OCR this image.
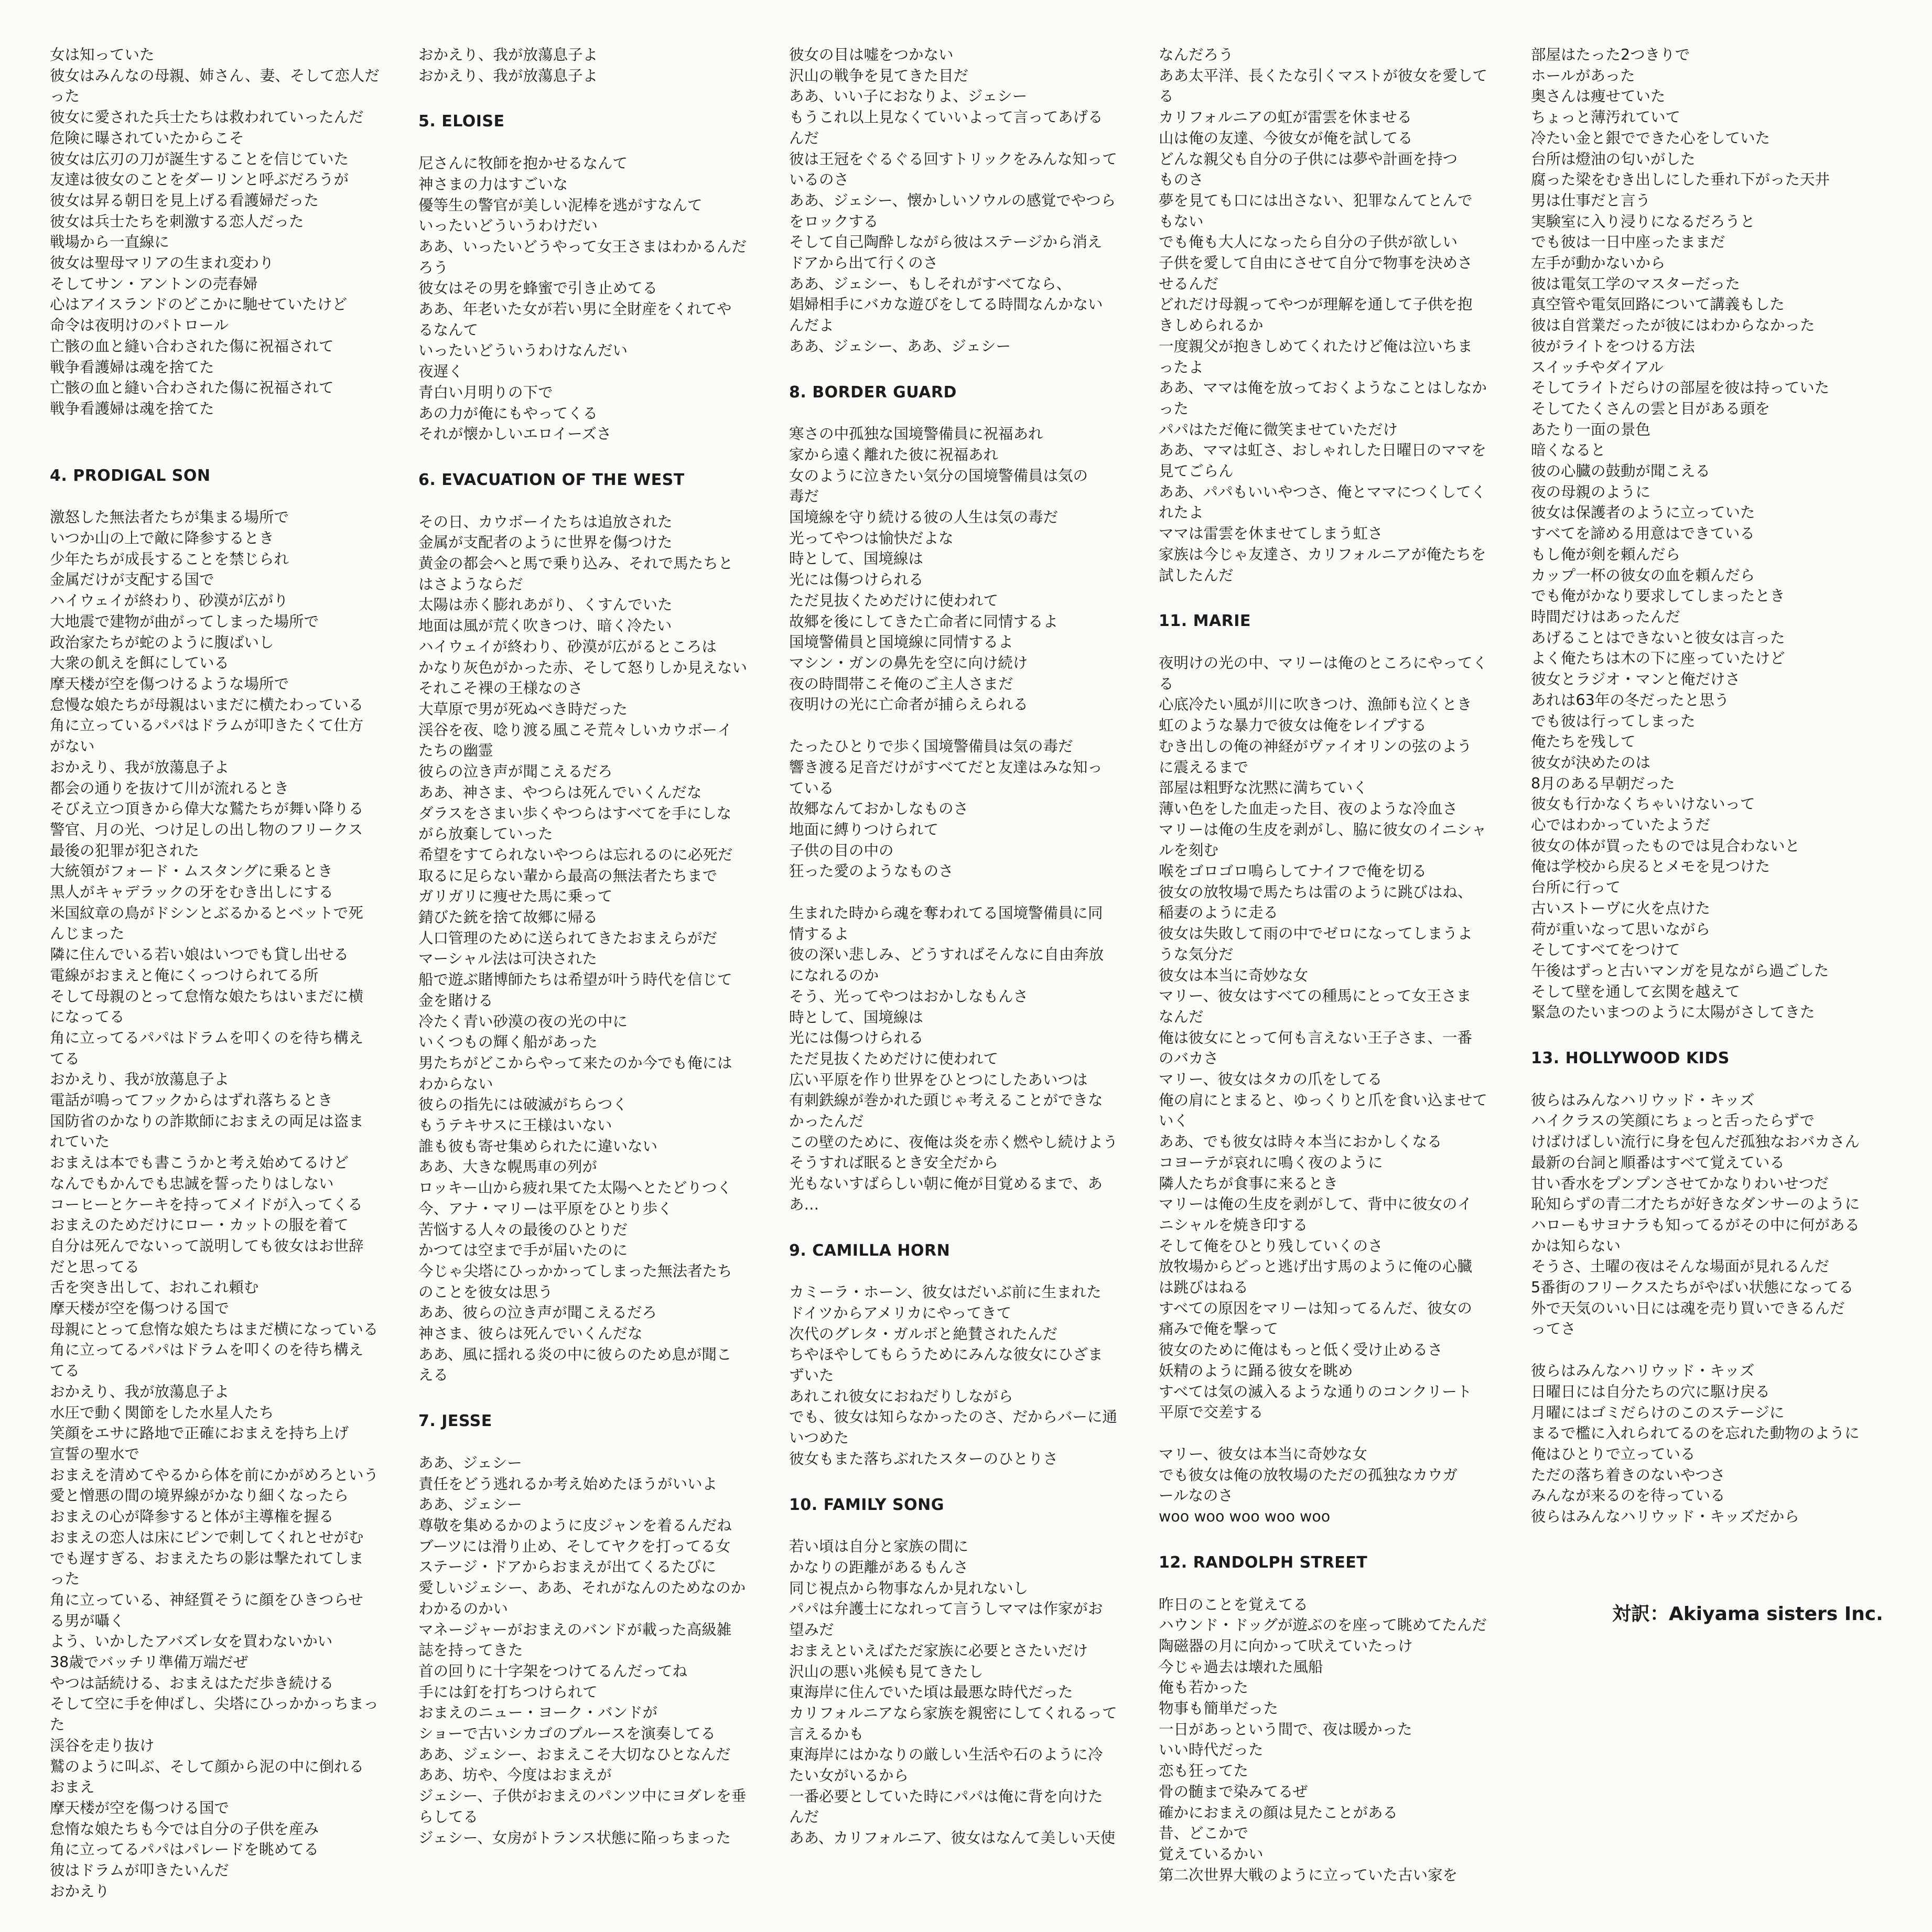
女は知っていた

彼女はみんなの母親、姉さん、妻、そして恋人だ

った

彼女に愛された兵士たちは救われていったんだ

危険に曝されていたからこそ

彼女は広刃の刀が誕生することを信じていた

友達は彼女のことをダーリンと呼ぶだろうが

彼女は昇る朝日を見上げる看護婦だった

彼女は兵士たちを刺激する恋人だった

戦場から一直線に

彼女は聖母マリアの生まれ変わり

そしてサン・アントンの売春婦

心はアイスランドのどこかに馳せていたけど

命令は夜明けのパトロール

亡骸の血と縫い合わされた傷に祝福されて

戦争看護婦は魂を捨てた

亡骸の血と縫い合わされた傷に祝福されて

戦争看護婦は魂を捨てた

4. PRODIGAL SON

激怒した無法者たちが集まる場所で

いつか山の上で敵に降参するとき

少年たちが成長することを禁じられ

金属だけが支配する国で

ハイウェイが終わり、砂漠が広がり

大地震で建物が曲がってしまった場所で

政治家たちが蛇のように腹ばいし

大衆の飢えを餌にしている

摩天楼が空を傷つけるような場所で

怠慢な娘たちが母親はいまだに横たわっている

角に立っているパパはドラムが叩きたくて仕方

がない

おかえり、我が放蕩息子よ

都会の通りを抜けて川が流れるとき

そびえ立つ頂きから偉大な鷲たちが舞い降りる

警官、月の光、つけ足しの出し物のフリークス

最後の犯罪が犯された

大統領がフォード・ムスタングに乗るとき

黒人がキャデラックの牙をむき出しにする

米国紋章の鳥がドシンとぶるかるとベットで死

んじまった

隣に住んでいる若い娘はいつでも貸し出せる

電線がおまえと俺にくっつけられてる所

そして母親のとって怠惰な娘たちはいまだに横

になってる

角に立ってるパパはドラムを叩くのを待ち構え

てる

おかえり、我が放蕩息子よ

電話が鳴ってフックからはずれ落ちるとき

国防省のかなりの詐欺師におまえの両足は盗ま

れていた

おまえは本でも書こうかと考え始めてるけど

なんでもかんでも忠誠を誓ったりはしない

コーヒーとケーキを持ってメイドが入ってくる

おまえのためだけにロー・カットの服を着て

自分は死んでないって説明しても彼女はお世辞

だと思ってる

舌を突き出して、おれこれ頼む

摩天楼が空を傷つける国で

母親にとって怠惰な娘たちはまだ横になっている

角に立ってるパパはドラムを叩くのを待ち構え

てる

おかえり、我が放蕩息子よ

水圧で動く関節をした水星人たち

笑顔をエサに路地で正確におまえを持ち上げ

宣誓の聖水で

おまえを清めてやるから体を前にかがめろという

愛と憎悪の間の境界線がかなり細くなったら

おまえの心が降参すると体が主導権を握る

おまえの恋人は床にピンで刺してくれとせがむ

でも遅すぎる、おまえたちの影は撃たれてしま

った

角に立っている、神経質そうに顔をひきつらせ

る男が囁く

よう、いかしたアバズレ女を買わないかい

38歳でバッチリ準備万端だぜ

やつは話続ける、おまえはただ歩き続ける

そして空に手を伸ばし、尖塔にひっかかっちまった

渓谷を走り抜け

鷲のように叫ぶ、そして顔から泥の中に倒れる

おまえ

摩天楼が空を傷つける国で

怠惰な娘たちも今では自分の子供を産み

角に立ってるパパはパレードを眺めてる

彼はドラムが叩きたいんだ

おかえり

おかえり、我が放蕩息子よ

おかえり、我が放蕩息子よ

5. ELOISE

尼さんに牧師を抱かせるなんて

神さまの力はすごいな

優等生の警官が美しい泥棒を逃がすなんて

いったいどういうわけだい

ああ、いったいどうやって女王さまはわかるんだ

ろう

彼女はその男を蜂蜜で引き止めてる

ああ、年老いた女が若い男に全財産をくれてや

るなんて

いったいどういうわけなんだい

夜遅く

青白い月明りの下で

あの力が俺にもやってくる

それが懐かしいエロイーズさ

6. EVACUATION OF THE WEST

その日、カウボーイたちは追放された

金属が支配者のように世界を傷つけた

黄金の都会へと馬で乗り込み、それで馬たちと

はさようならだ

太陽は赤く膨れあがり、くすんでいた

地面は風が荒く吹きつけ、暗く冷たい

ハイウェイが終わり、砂漠が広がるところは

かなり灰色がかった赤、そして怒りしか見えない

それこそ裸の王様なのさ

大草原で男が死ぬべき時だった

渓谷を夜、唸り渡る風こそ荒々しいカウボーイ

たちの幽霊

彼らの泣き声が聞こえるだろ

ああ、神さま、やつらは死んでいくんだな

ダラスをさまい歩くやつらはすべてを手にしな

がら放棄していった

希望をすてられないやつらは忘れるのに必死だ

取るに足らない輩から最高の無法者たちまで

ガリガリに痩せた馬に乗って

錆びた銃を捨て故郷に帰る

人口管理のために送られてきたおまえらがだ

マーシャル法は可決された

船で遊ぶ賭博師たちは希望が叶う時代を信じて

金を賭ける

冷たく青い砂漠の夜の光の中に

いくつもの輝く船があった

男たちがどこからやって来たのか今でも俺には

わからない

彼らの指先には破滅がちらつく

もうテキサスに王様はいない

誰も彼も寄せ集められたに違いない

ああ、大きな幌馬車の列が

ロッキー山から疲れ果てた太陽へとたどりつく

今、アナ・マリーは平原をひとり歩く

苦悩する人々の最後のひとりだ

かつては空まで手が届いたのに

今じゃ尖塔にひっかかってしまった無法者たち

のことを彼女は思う

ああ、彼らの泣き声が聞こえるだろ

神さま、彼らは死んでいくんだな

ああ、風に揺れる炎の中に彼らのため息が聞こ

える

7. JESSE

ああ、ジェシー

責任をどう逃れるか考え始めたほうがいいよ

ああ、ジェシー

尊敬を集めるかのように皮ジャンを着るんだね

ブーツには滑り止め、そしてヤクを打ってる女

ステージ・ドアからおまえが出てくるたびに

愛しいジェシー、ああ、それがなんのためなのか

わかるのかい

マネージャーがおまえのバンドが載った高級雑

誌を持ってきた

首の回りに十字架をつけてるんだってね

手には釘を打ちつけられて

おまえのニュー・ヨーク・バンドが

ショーで古いシカゴのブルースを演奏してる

ああ、ジェシー、おまえこそ大切なひとなんだ

ああ、坊や、今度はおまえが

ジェシー、子供がおまえのパンツ中にヨダレを垂

らしてる

ジェシー、女房がトランス状態に陥っちまった

彼女の目は嘘をつかない

沢山の戦争を見てきた目だ

ああ、いい子におなりよ、ジェシー

もうこれ以上見なくていいよって言ってあげる

んだ

彼は王冠をぐるぐる回すトリックをみんな知って

いるのさ

ああ、ジェシー、懐かしいソウルの感覚でやつら

をロックする

そして自己陶酔しながら彼はステージから消え

ドアから出て行くのさ

ああ、ジェシー、もしそれがすべてなら、

娼婦相手にバカな遊びをしてる時間なんかない

んだよ

ああ、ジェシー、ああ、ジェシー

8. BORDER GUARD

寒さの中孤独な国境警備員に祝福あれ

家から遠く離れた彼に祝福あれ

女のように泣きたい気分の国境警備員は気の

毒だ

国境線を守り続ける彼の人生は気の毒だ

光ってやつは愉快だよな

時として、国境線は

光には傷つけられる

ただ見抜くためだけに使われて

故郷を後にしてきた亡命者に同情するよ

国境警備員と国境線に同情するよ

マシン・ガンの鼻先を空に向け続け

夜の時間帯こそ俺のご主人さまだ

夜明けの光に亡命者が捕らえられる

たったひとりで歩く国境警備員は気の毒だ

響き渡る足音だけがすべてだと友達はみな知っ

ている

故郷なんておかしなものさ

地面に縛りつけられて

子供の目の中の

狂った愛のようなものさ

生まれた時から魂を奪われてる国境警備員に同

情するよ

彼の深い悲しみ、どうすればそんなに自由奔放

になれるのか

そう、光ってやつはおかしなもんさ

時として、国境線は

光には傷つけられる

ただ見抜くためだけに使われて

広い平原を作り世界をひとつにしたあいつは

有刺鉄線が巻かれた頭じゃ考えることができな

かったんだ

この壁のために、夜俺は炎を赤く燃やし続けよう

そうすれば眠るとき安全だから

光もないすばらしい朝に俺が目覚めるまで、ああ…

9. CAMILLA HORN

カミーラ・ホーン、彼女はだいぶ前に生まれた

ドイツからアメリカにやってきて

次代のグレタ・ガルボと絶賛されたんだ

ちやほやしてもらうためにみんな彼女にひざま

ずいた

あれこれ彼女におねだりしながら

でも、彼女は知らなかったのさ、だからバーに通

いつめた

彼女もまた落ちぶれたスターのひとりさ

10. FAMILY SONG

若い頃は自分と家族の間に

かなりの距離があるもんさ

同じ視点から物事なんか見れないし

パパは弁護士になれって言うしママは作家がお

望みだ

おまえといえばただ家族に必要とさたいだけ

沢山の悪い兆候も見てきたし

東海岸に住んでいた頃は最悪な時代だった

カリフォルニアなら家族を親密にしてくれるって

言えるかも

東海岸にはかなりの厳しい生活や石のように冷

たい女がいるから

一番必要としていた時にパパは俺に背を向けた

んだ

ああ、カリフォルニア、彼女はなんて美しい天使

なんだろう

ああ太平洋、長くたな引くマストが彼女を愛してる

カリフォルニアの虹が雷雲を休ませる

山は俺の友達、今彼女が俺を試してる

どんな親父も自分の子供には夢や計画を持つ

ものさ

夢を見ても口には出さない、犯罪なんてとんで

もない

でも俺も大人になったら自分の子供が欲しい

子供を愛して自由にさせて自分で物事を決めさ

せるんだ

どれだけ母親ってやつが理解を通して子供を抱

きしめられるか

一度親父が抱きしめてくれたけど俺は泣いちま

ったよ

ああ、ママは俺を放っておくようなことはしなか

った

パパはただ俺に微笑ませていただけ

ああ、ママは虹さ、おしゃれした日曜日のママを

見てごらん

ああ、パパもいいやつさ、俺とママにつくしてく

れたよ

ママは雷雲を休ませてしまう虹さ

家族は今じゃ友達さ、カリフォルニアが俺たちを

試したんだ

11. MARIE

夜明けの光の中、マリーは俺のところにやってくる

心底冷たい風が川に吹きつけ、漁師も泣くとき

虹のような暴力で彼女は俺をレイプする

むき出しの俺の神経がヴァイオリンの弦のよう

に震えるまで

部屋は粗野な沈黙に満ちていく

薄い色をした血走った目、夜のような冷血さ

マリーは俺の生皮を剥がし、脇に彼女のイニシャ

ルを刻む

喉をゴロゴロ鳴らしてナイフで俺を切る

彼女の放牧場で馬たちは雷のように跳びはね、

稲妻のように走る

彼女は失敗して雨の中でゼロになってしまうよ

うな気分だ

彼女は本当に奇妙な女

マリー、彼女はすべての種馬にとって女王さま

なんだ

俺は彼女にとって何も言えない王子さま、一番

のバカさ

マリー、彼女はタカの爪をしてる

俺の肩にとまると、ゆっくりと爪を食い込ませて

いく

ああ、でも彼女は時々本当におかしくなる

コヨーテが哀れに鳴く夜のように

隣人たちが食事に来るとき

マリーは俺の生皮を剥がして、背中に彼女のイ

ニシャルを焼き印する

そして俺をひとり残していくのさ

放牧場からどっと逃げ出す馬のように俺の心臓

は跳びはねる

すべての原因をマリーは知ってるんだ、彼女の

痛みで俺を撃って

彼女のために俺はもっと低く受け止めるさ

妖精のように踊る彼女を眺め

すべては気の滅入るような通りのコンクリート

平原で交差する

マリー、彼女は本当に奇妙な女

でも彼女は俺の放牧場のただの孤独なカウガ

ールなのさ

woo woo woo woo woo

12. RANDOLPH STREET

昨日のことを覚えてる

ハウンド・ドッグが遊ぶのを座って眺めてたんだ

陶磁器の月に向かって吠えていたっけ

今じゃ過去は壊れた風船

俺も若かった

物事も簡単だった

一日があっという間で、夜は暖かった

いい時代だった

恋も狂ってた

骨の髄まで染みてるぜ

確かにおまえの顔は見たことがある

昔、どこかで

覚えているかい

第二次世界大戦のように立っていた古い家を

部屋はたった2つきりで

ホールがあった

奥さんは痩せていた

ちょっと薄汚れていて

冷たい金と銀でできた心をしていた

台所は燈油の匂いがした

腐った梁をむき出しにした垂れ下がった天井

男は仕事だと言う

実験室に入り浸りになるだろうと

でも彼は一日中座ったままだ

左手が動かないから

彼は電気工学のマスターだった

真空管や電気回路について講義もした

彼は自営業だったが彼にはわからなかった

彼がライトをつける方法

スイッチやダイアル

そしてライトだらけの部屋を彼は持っていた

そしてたくさんの雲と目がある頭を

あたり一面の景色

暗くなると

彼の心臓の鼓動が聞こえる

夜の母親のように

彼女は保護者のように立っていた

すべてを諦める用意はできている

もし俺が剣を頼んだら

カップ一杯の彼女の血を頼んだら

でも俺がかなり要求してしまったとき

時間だけはあったんだ

あげることはできないと彼女は言った

よく俺たちは木の下に座っていたけど

彼女とラジオ・マンと俺だけさ

あれは63年の冬だったと思う

でも彼は行ってしまった

俺たちを残して

彼女が決めたのは

8月のある早朝だった

彼女も行かなくちゃいけないって

心ではわかっていたようだ

彼女の体が買ったものでは見合わないと

俺は学校から戻るとメモを見つけた

台所に行って

古いストーヴに火を点けた

荷が重いなって思いながら

そしてすべてをつけて

午後はずっと古いマンガを見ながら過ごした

そして壁を通して玄関を越えて

緊急のたいまつのように太陽がさしてきた

13. HOLLYWOOD KIDS

彼らはみんなハリウッド・キッズ

ハイクラスの笑顔にちょっと舌ったらずで

けばけばしい流行に身を包んだ孤独なおバカさん

最新の台詞と順番はすべて覚えている

甘い香水をプンプンさせてかなりわいせつだ

恥知らずの青二才たちが好きなダンサーのように

ハローもサヨナラも知ってるがその中に何がある

かは知らない

そうさ、土曜の夜はそんな場面が見れるんだ

5番街のフリークスたちがやばい状態になってる

外で天気のいい日には魂を売り買いできるんだ

ってさ

彼らはみんなハリウッド・キッズ

日曜日には自分たちの穴に駆け戻る

月曜にはゴミだらけのこのステージに

まるで檻に入れられてるのを忘れた動物のように

俺はひとりで立っている

ただの落ち着きのないやつさ

みんなが来るのを待っている

彼らはみんなハリウッド・キッズだから

対訳：Akiyama sisters Inc.
